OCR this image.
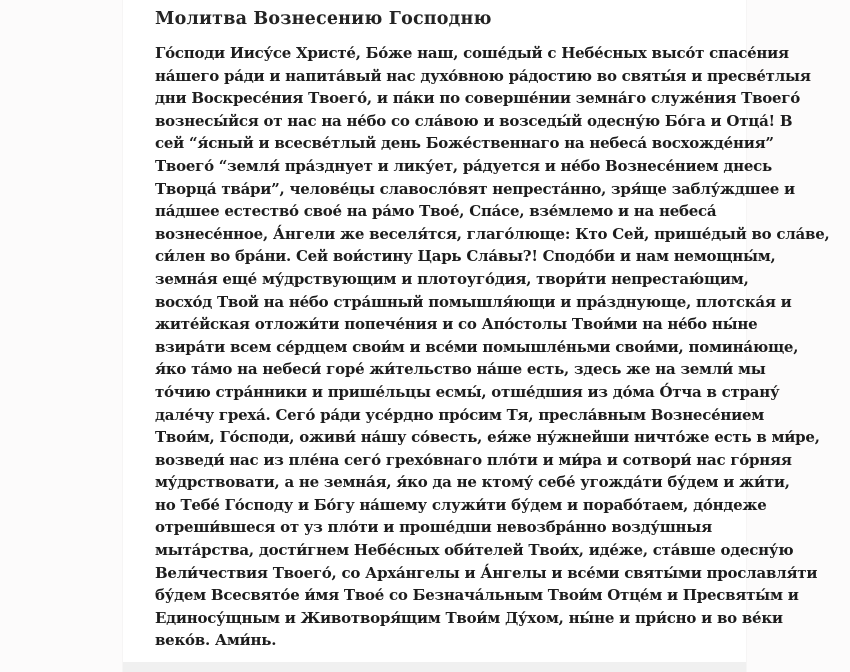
Молитва Вознесению Господню
Го́споди Иису́се Христе́, Бо́же наш, соше́дый с Небе́сных высо́т спасе́ния
на́шего ра́ди и напита́вый нас духо́вною ра́достию во святы́я и пресве́тлыя
дни Воскресе́ния Твоего́, и па́ки по соверше́нии земна́го служе́ния Твоего́
вознесы́йся от нас на не́бо со сла́вою и возседы́й одесну́ю Бо́га и Отца́! В
сей “я́сный и всесве́тлый день Боже́ственнаго на небеса́ восхожде́ния”
Твоего́ “земля́ пра́зднует и лику́ет, ра́дуется и не́бо Вознесе́нием днесь
Творца́ тва́ри”, челове́цы славосло́вят непреста́нно, зря́ще заблу́ждшее и
па́дшее естество́ свое́ на ра́мо Твое́, Спа́се, взе́млемо и на небеса́
вознесе́нное, А́нгели же веселя́тся, глаго́люще: Кто Сей, прише́дый во сла́ве,
си́лен во бра́ни. Сей вои́стину Царь Сла́вы?! Сподо́би и нам немощны́м,
земна́я еще́ му́дрствующим и плотоуго́дия, твори́ти непрестаю́щим,
восхо́д Твой на не́бо стра́шный помышля́ющи и пра́зднующе, плотска́я и
жите́йская отложи́ти попече́ния и со Апо́столы Твои́ми на не́бо ны́не
взира́ти всем се́рдцем свои́м и все́ми помышле́ньми свои́ми, помина́юще,
я́ко та́мо на небеси́ горе́ жи́тельство на́ше есть, здесь же на земли́ мы
то́чию стра́нники и прише́льцы есмы́, отше́дшия из до́ма О́тча в страну́
дале́чу греха́. Сего́ ра́ди усе́рдно про́сим Тя, пресла́вным Вознесе́нием
Твои́м, Го́споди, оживи́ на́шу со́весть, ея́же ну́жнейши ничто́же есть в ми́ре,
возведи́ нас из пле́на сего́ грехо́внаго пло́ти и ми́ра и сотвори́ нас го́рняя
му́дрствовати, а не земна́я, я́ко да не ктому́ себе́ угожда́ти бу́дем и жи́ти,
но Тебе́ Го́споду и Бо́гу на́шему служи́ти бу́дем и порабо́таем, до́ндеже
отреши́вшеся от уз пло́ти и проше́дши невозбра́нно возду́шныя
мыта́рства, дости́гнем Небе́сных оби́телей Твои́х, иде́же, ста́вше одесну́ю
Вели́чествия Твоего́, со Арха́нгелы и А́нгелы и все́ми святы́ми прославля́ти
бу́дем Всесвято́е и́мя Твое́ со Безнача́льным Твои́м Отце́м и Пресвяты́м и
Единосу́щным и Животворя́щим Твои́м Ду́хом, ны́не и при́сно и во ве́ки
веко́в. Ами́нь.
